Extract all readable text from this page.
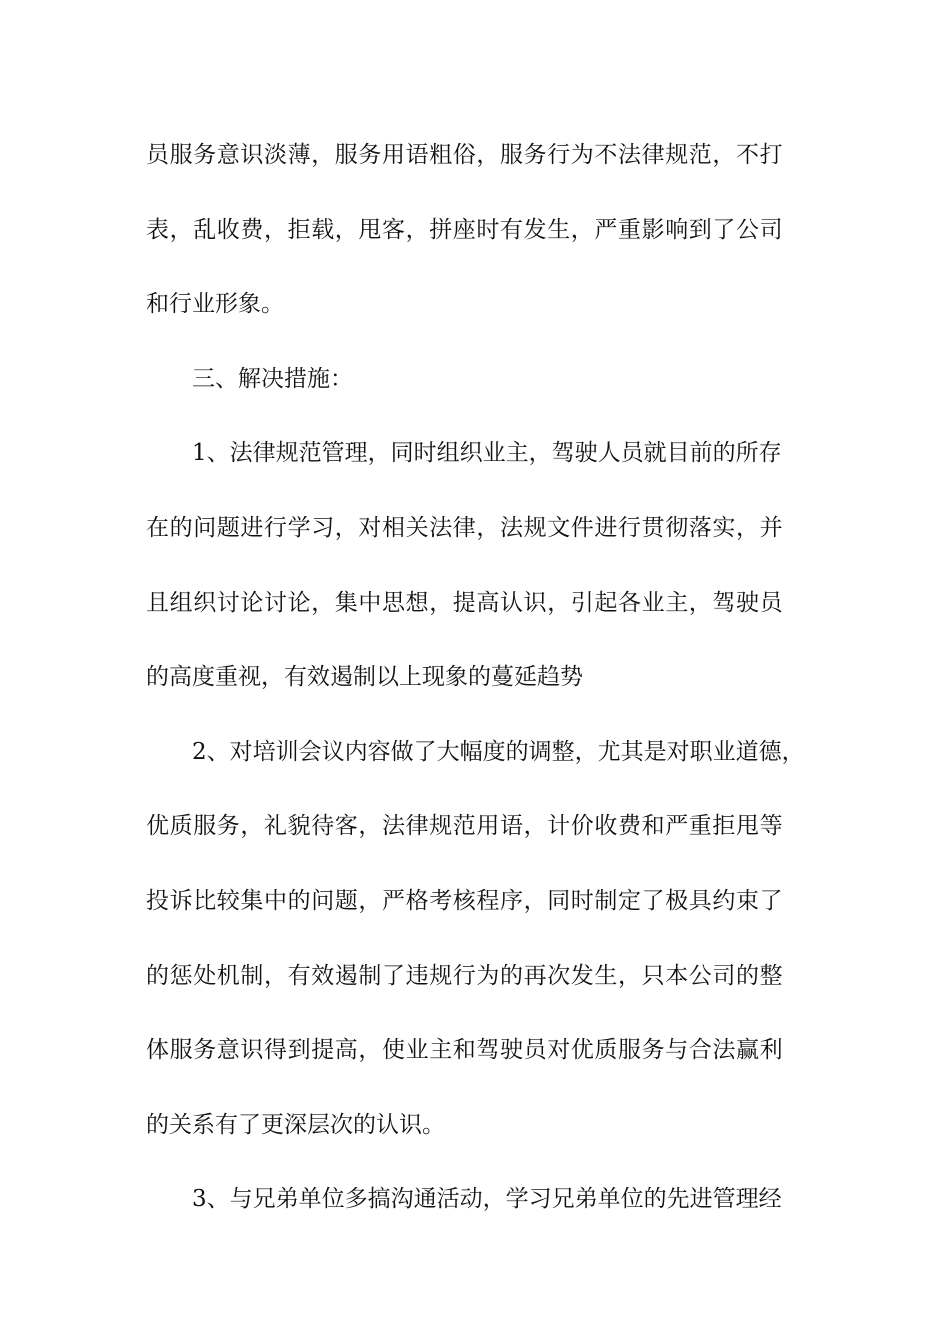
员服务意识淡薄，服务用语粗俗，服务行为不法律规范，不打
表，乱收费，拒载，甩客，拼座时有发生，严重影响到了公司
和行业形象。
三、解决措施：
1、法律规范管理，同时组织业主，驾驶人员就目前的所存
在的问题进行学习，对相关法律，法规文件进行贯彻落实，并
且组织讨论讨论，集中思想，提高认识，引起各业主，驾驶员
的高度重视，有效遏制以上现象的蔓延趋势
2、对培训会议内容做了大幅度的调整，尤其是对职业道德，
优质服务，礼貌待客，法律规范用语，计价收费和严重拒甩等
投诉比较集中的问题，严格考核程序，同时制定了极具约束了
的惩处机制，有效遏制了违规行为的再次发生，只本公司的整
体服务意识得到提高，使业主和驾驶员对优质服务与合法赢利
的关系有了更深层次的认识。
3、与兄弟单位多搞沟通活动，学习兄弟单位的先进管理经
